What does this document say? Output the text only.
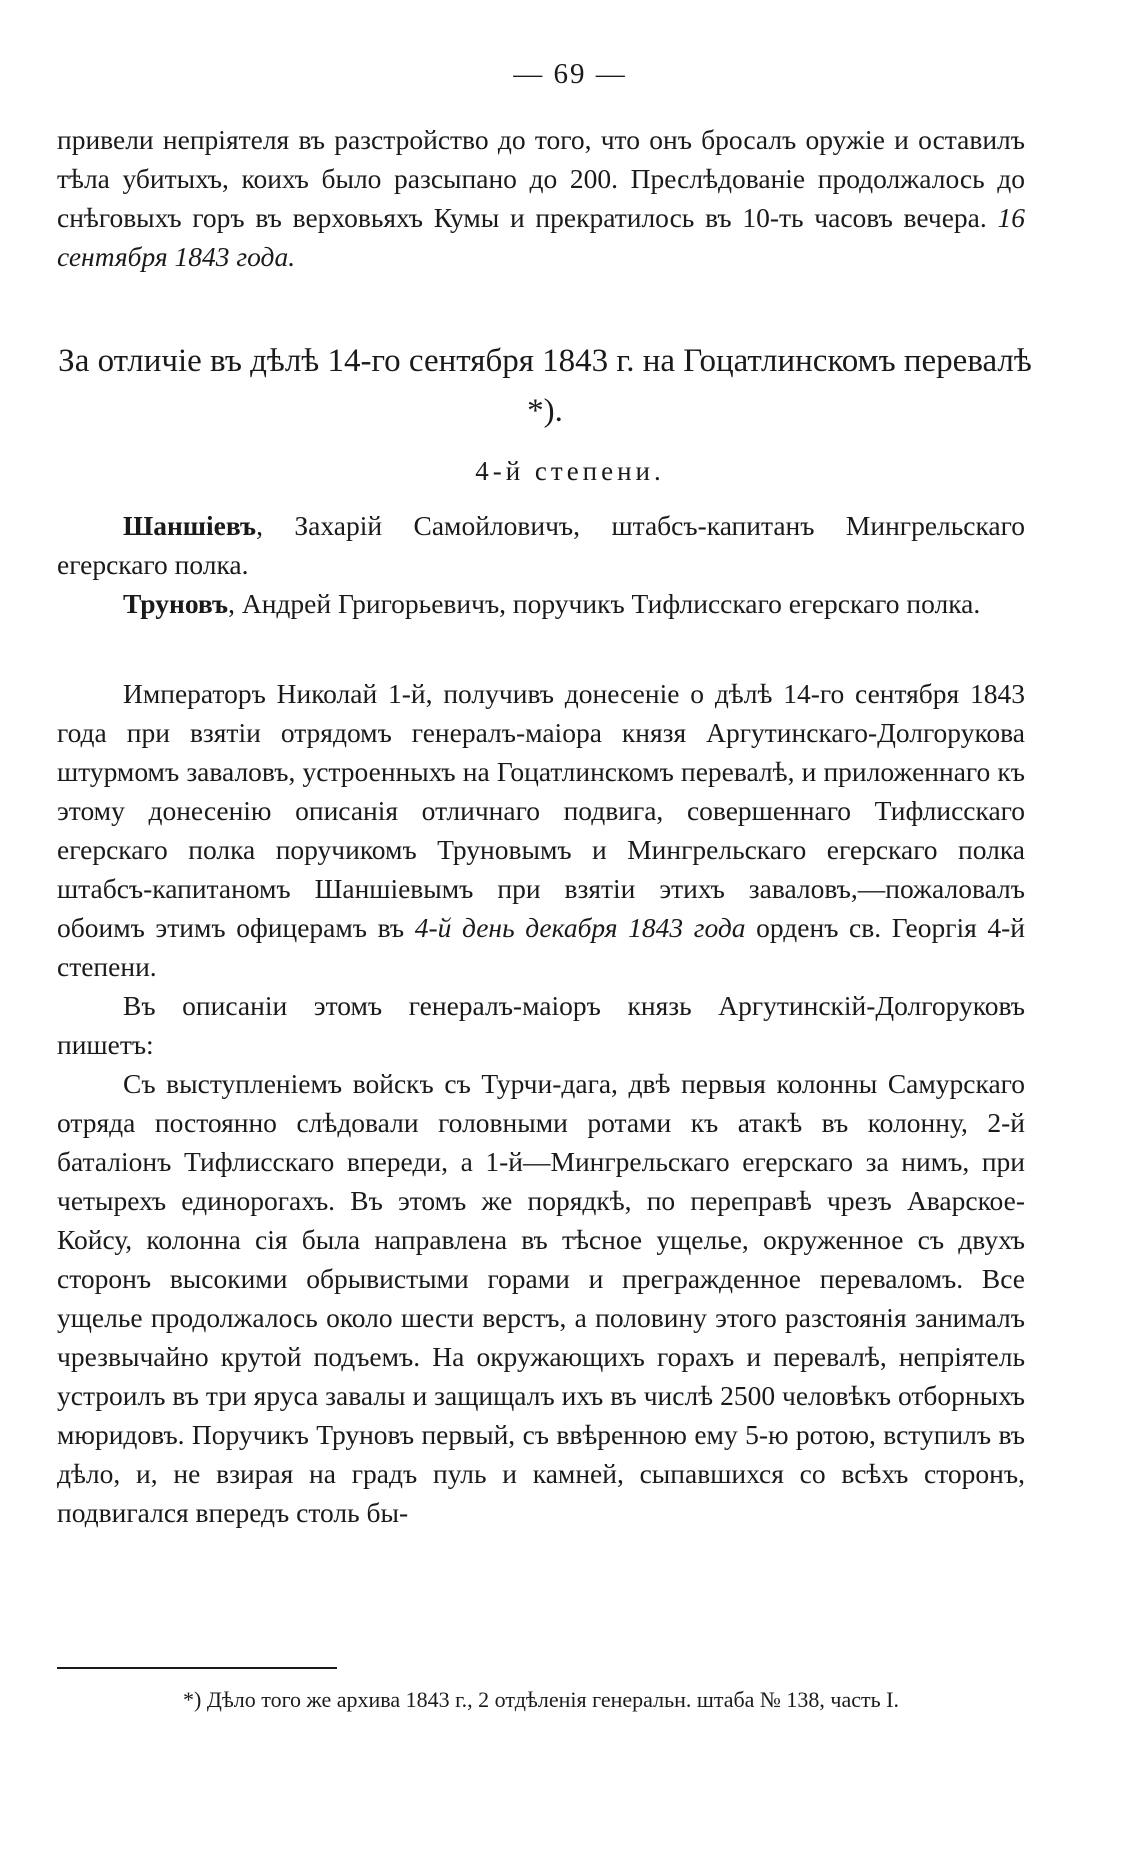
— 69 —

привели непріятеля въ разстройство до того, что онъ бросалъ оружіе и оставилъ тѣла убитыхъ, коихъ было разсыпано до 200. Преслѣдованіе продолжалось до снѣговыхъ горъ въ верховьяхъ Кумы и прекратилось въ 10-ть часовъ вечера. 16 сентября 1843 года.

За отличіе въ дѣлѣ 14-го сентября 1843 г. на Гоцатлинскомъ перевалѣ *).
4-й степени.

Шаншіевъ, Захарій Самойловичъ, штабсъ-капитанъ Мингрельскаго егерскаго полка.

Труновъ, Андрей Григорьевичъ, поручикъ Тифлисскаго егерскаго полка.

Императоръ Николай 1-й, получивъ донесеніе о дѣлѣ 14-го сентября 1843 года при взятіи отрядомъ генералъ-маіора князя Аргутинскаго-Долгорукова штурмомъ заваловъ, устроенныхъ на Гоцатлинскомъ перевалѣ, и приложеннаго къ этому донесенію описанія отличнаго подвига, совершеннаго Тифлисскаго егерскаго полка поручикомъ Труновымъ и Мингрельскаго егерскаго полка штабсъ-капитаномъ Шаншіевымъ при взятіи этихъ заваловъ,—пожаловалъ обоимъ этимъ офицерамъ въ 4-й день декабря 1843 года орденъ св. Георгія 4-й степени.

Въ описаніи этомъ генералъ-маіоръ князь Аргутинскій-Долгоруковъ пишетъ:

Съ выступленіемъ войскъ съ Турчи-дага, двѣ первыя колонны Самурскаго отряда постоянно слѣдовали головными ротами къ атакѣ въ колонну, 2-й баталіонъ Тифлисскаго впереди, а 1-й—Мингрельскаго егерскаго за нимъ, при четырехъ единорогахъ. Въ этомъ же порядкѣ, по переправѣ чрезъ Аварское-Койсу, колонна сія была направлена въ тѣсное ущелье, окруженное съ двухъ сторонъ высокими обрывистыми горами и прегражденное переваломъ. Все ущелье продолжалось около шести верстъ, а половину этого разстоянія занималъ чрезвычайно крутой подъемъ. На окружающихъ горахъ и перевалѣ, непріятель устроилъ въ три яруса завалы и защищалъ ихъ въ числѣ 2500 человѣкъ отборныхъ мюридовъ. Поручикъ Труновъ первый, съ ввѣренною ему 5-ю ротою, вступилъ въ дѣло, и, не взирая на градъ пуль и камней, сыпавшихся со всѣхъ сторонъ, подвигался впередъ столь бы-

*) Дѣло того же архива 1843 г., 2 отдѣленія генеральн. штаба № 138, часть I.
